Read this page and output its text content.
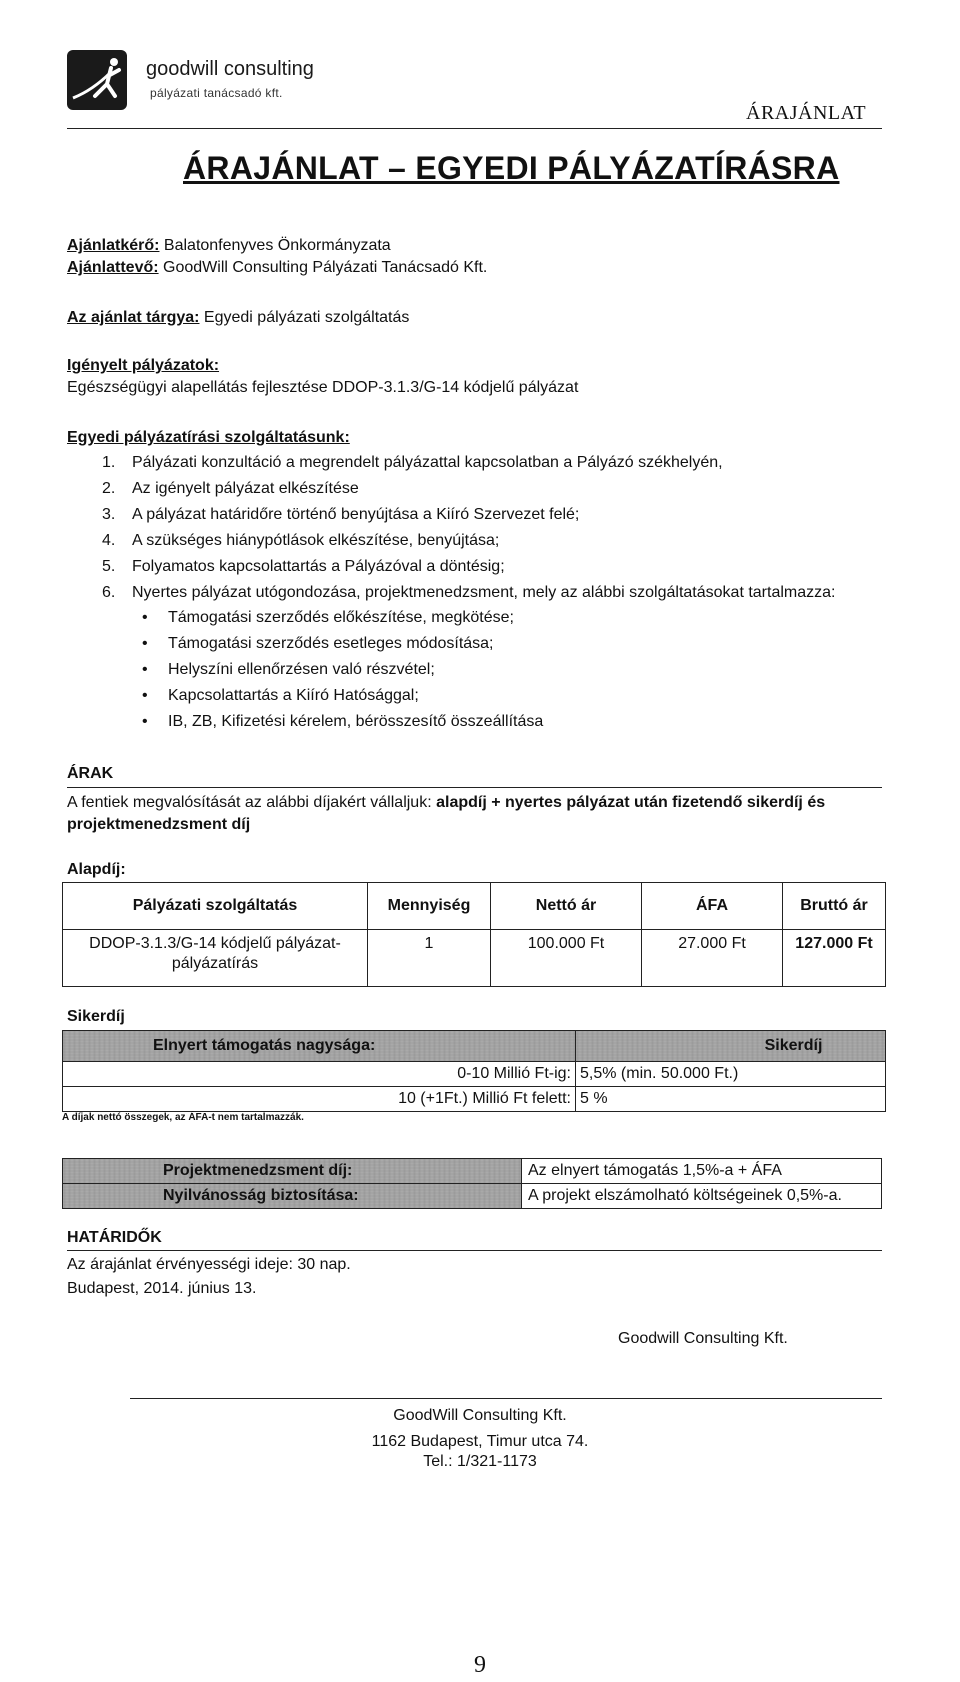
goodwill consulting
pályázati tanácsadó kft.
ÁRAJÁNLAT
ÁRAJÁNLAT – EGYEDI PÁLYÁZATÍRÁSRA
Ajánlatkérő: Balatonfenyves Önkormányzata
Ajánlattevő: GoodWill Consulting Pályázati Tanácsadó Kft.
Az ajánlat tárgya: Egyedi pályázati szolgáltatás
Igényelt pályázatok:
Egészségügyi alapellátás fejlesztése DDOP-3.1.3/G-14 kódjelű pályázat
Egyedi pályázatírási szolgáltatásunk:
1. Pályázati konzultáció a megrendelt pályázattal kapcsolatban a Pályázó székhelyén,
2. Az igényelt pályázat elkészítése
3. A pályázat határidőre történő benyújtása a Kiíró Szervezet felé;
4. A szükséges hiánypótlások elkészítése, benyújtása;
5. Folyamatos kapcsolattartás a Pályázóval a döntésig;
6. Nyertes pályázat utógondozása, projektmenedzsment, mely az alábbi szolgáltatásokat tartalmazza:
• Támogatási szerződés előkészítése, megkötése;
• Támogatási szerződés esetleges módosítása;
• Helyszíni ellenőrzésen való részvétel;
• Kapcsolattartás a Kiíró Hatósággal;
• IB, ZB, Kifizetési kérelem, bérösszesítő összeállítása
ÁRAK
A fentiek megvalósítását az alábbi díjakért vállaljuk: alapdíj + nyertes pályázat után fizetendő sikerdíj és projektmenedzsment díj
Alapdíj:
Pályázati szolgáltatás	Mennyiség	Nettó ár	ÁFA	Bruttó ár
DDOP-3.1.3/G-14 kódjelű pályázat-pályázatírás	1	100.000 Ft	27.000 Ft	127.000 Ft
Sikerdíj
Elnyert támogatás nagysága:	Sikerdíj
0-10 Millió Ft-ig:	5,5% (min. 50.000 Ft.)
10 (+1Ft.) Millió Ft felett:	5 %
A díjak nettó összegek, az ÁFA-t nem tartalmazzák.
Projektmenedzsment díj:	Az elnyert támogatás 1,5%-a + ÁFA
Nyilvánosság biztosítása:	A projekt elszámolható költségeinek 0,5%-a.
HATÁRIDŐK
Az árajánlat érvényességi ideje: 30 nap.
Budapest, 2014. június 13.
Goodwill Consulting Kft.
GoodWill Consulting Kft.
1162 Budapest, Timur utca 74.
Tel.: 1/321-1173
9
